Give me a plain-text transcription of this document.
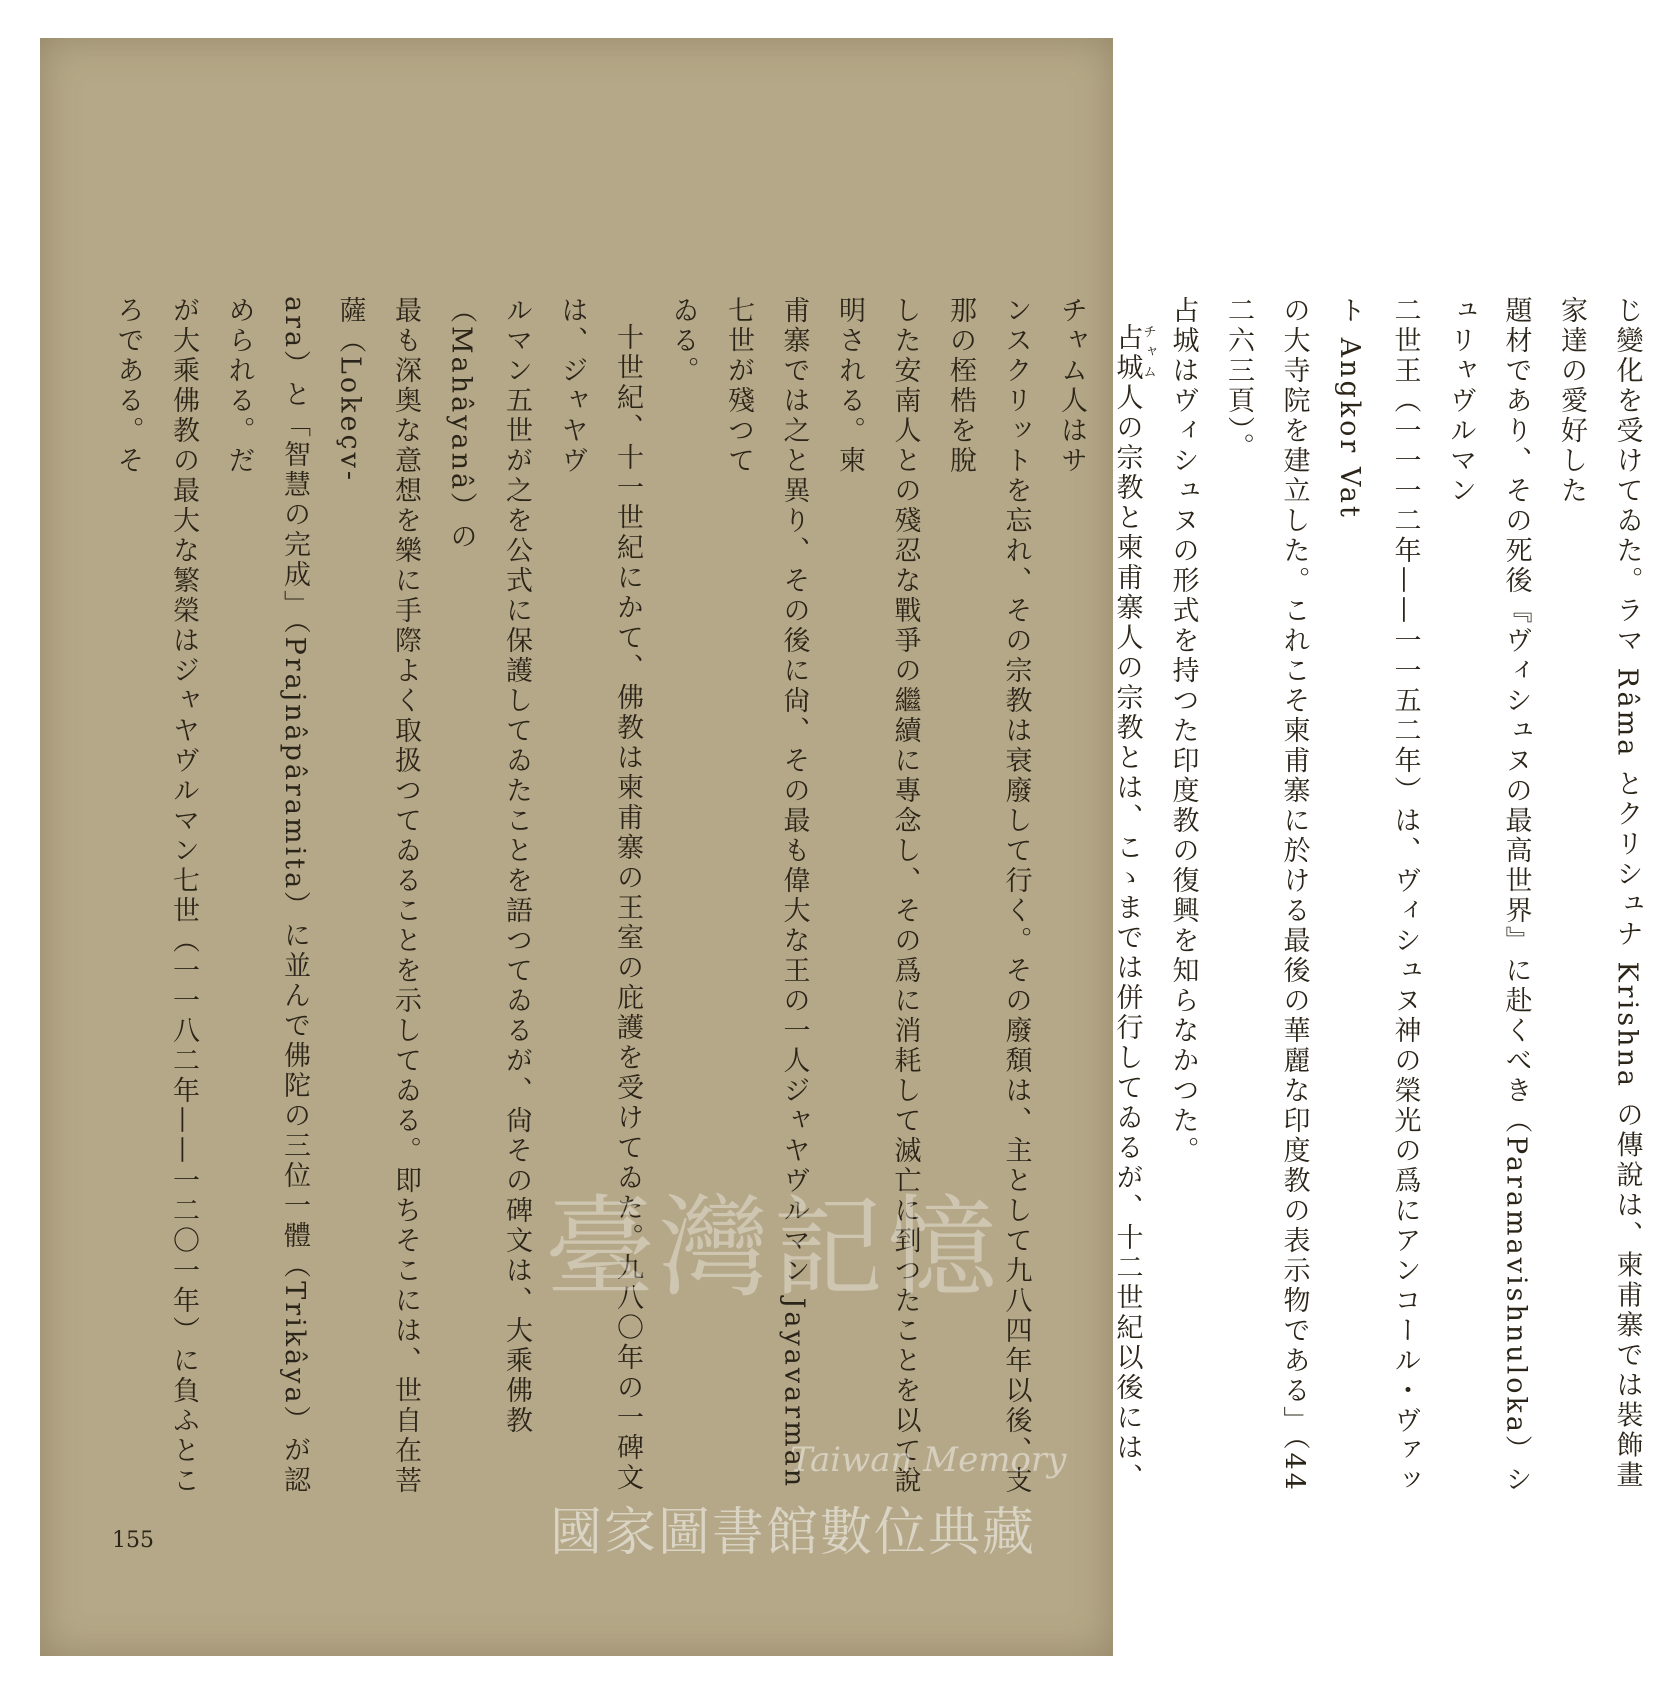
じ變化を受けてゐた。ラマ Râma とクリシュナ Krishna の傳說は、柬甫寨では裝飾畫家達の愛好した

題材であり、その死後『ヴィシュヌの最高世界』に赴くべき（Paramavishnuloka）シュリャヴルマン

二世王（一一一二年——一一五二年）は、ヴィシュヌ神の榮光の爲にアンコール・ヴァット Angkor Vat

の大寺院を建立した。これこそ柬甫寨に於ける最後の華麗な印度教の表示物である」（44 二六三頁）。

占城はヴィシュヌの形式を持つた印度教の復興を知らなかつた。

占城チャム人の宗教と柬甫寨人の宗教とは、こゝまでは併行してゐるが、十二世紀以後には、チャム人はサ

ンスクリットを忘れ、その宗教は衰廢して行く。その廢頽は、主として九八四年以後、支那の桎梏を脫

した安南人との殘忍な戰爭の繼續に專念し、その爲に消耗して滅亡に到つたことを以て說明される。柬

甫寨では之と異り、その後に尙、その最も偉大な王の一人ジャヤヴルマン Jayavarman 七世が殘つて

ゐる。

十世紀、十一世紀にかて、佛教は柬甫寨の王室の庇護を受けてゐた。九八〇年の一碑文は、ジャヤヴ

ルマン五世が之を公式に保護してゐたことを語つてゐるが、尙その碑文は、大乘佛教（Mahâyanâ）の

最も深奥な意想を樂に手際よく取扱つてゐることを示してゐる。即ちそこには、世自在菩薩（Lokeçv-

ara）と「智慧の完成」（Prajnâpâramita）に並んで佛陀の三位一體（Trikâya）が認められる。だ

が大乘佛教の最大な繁榮はジャヤヴルマン七世（一一八二年——一二〇一年）に負ふところである。そ

155
臺灣記憶
Taiwan Memory
國家圖書館數位典藏
